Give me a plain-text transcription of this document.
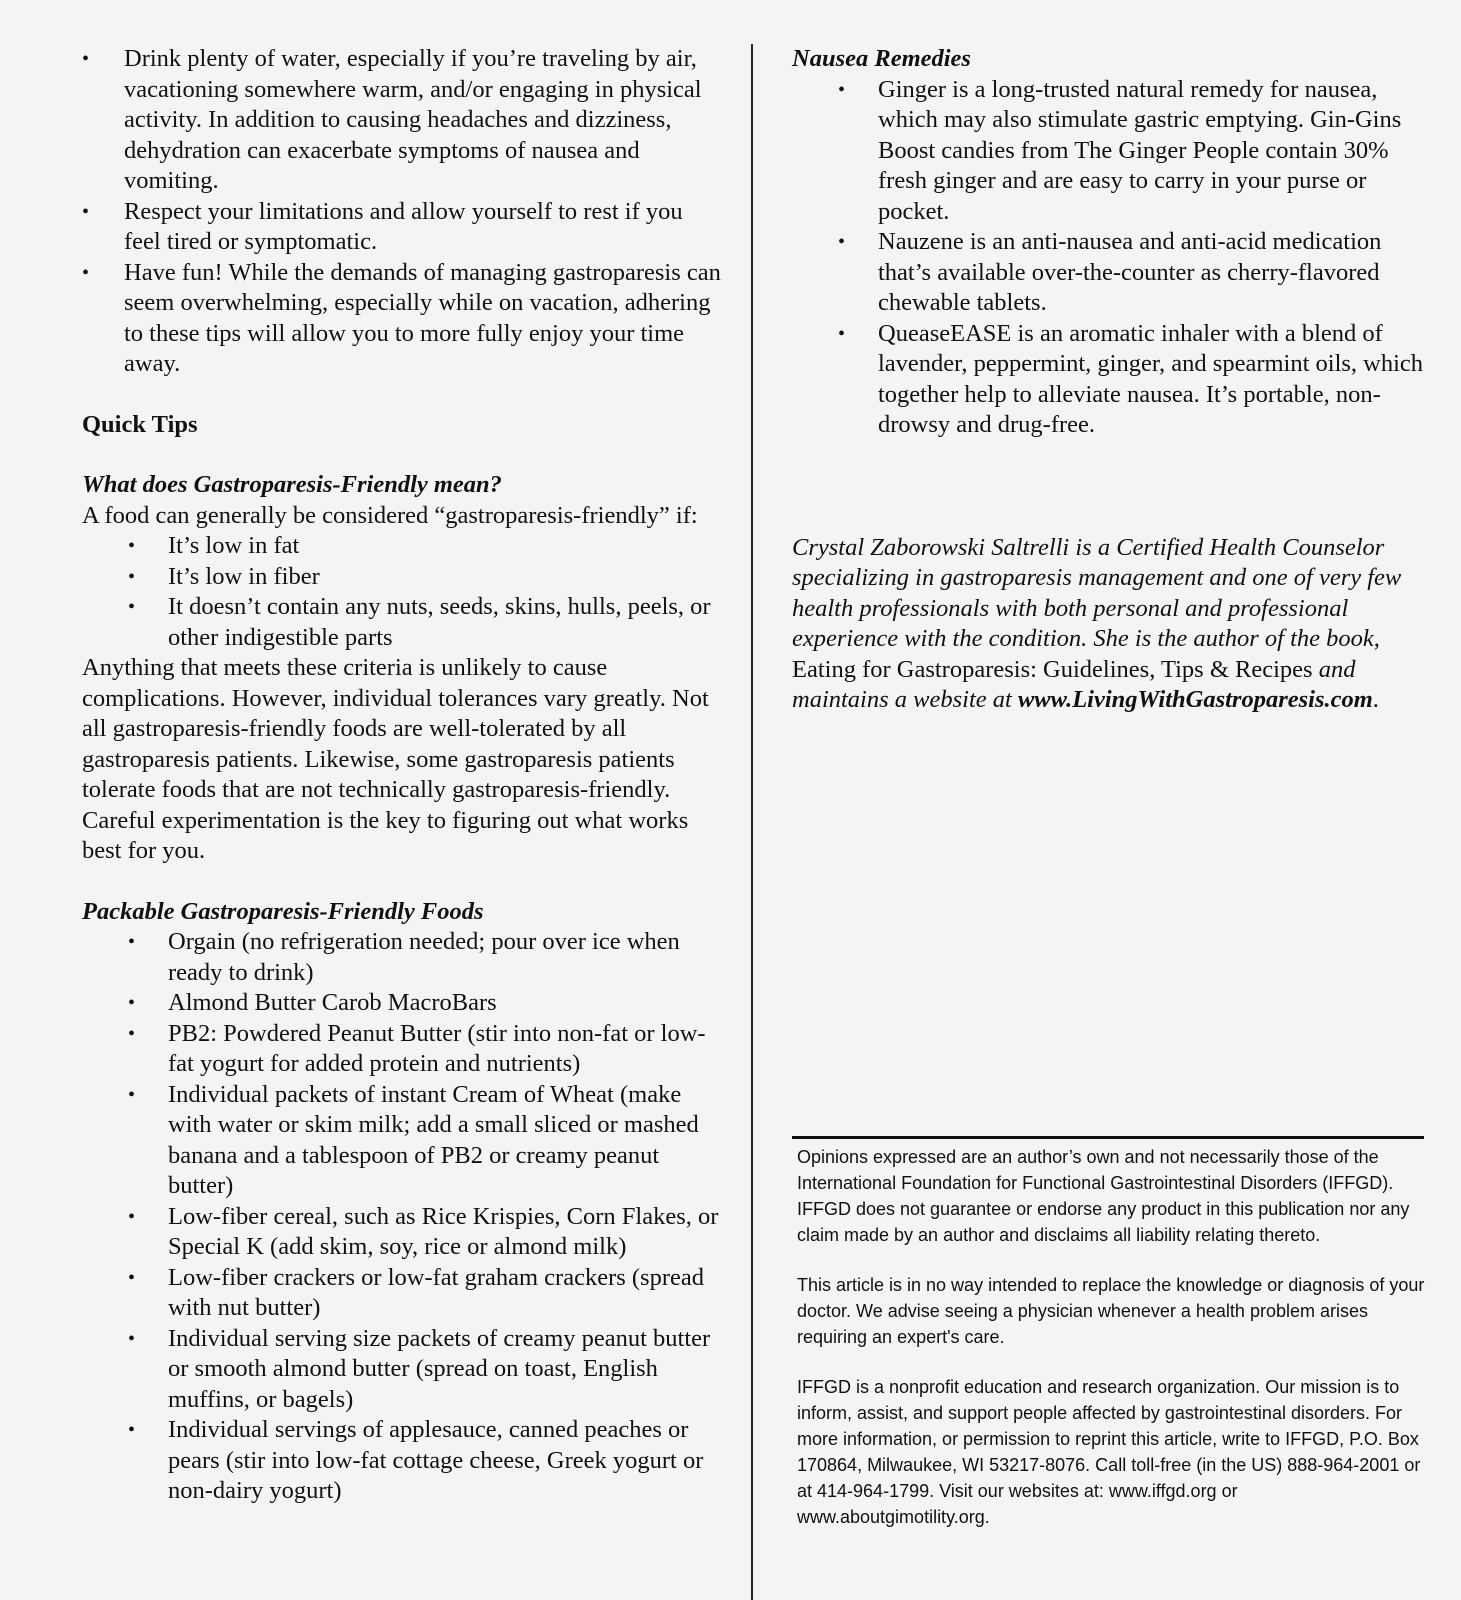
• Drink plenty of water, especially if you’re traveling by air, vacationing somewhere warm, and/or engaging in physical activity. In addition to causing headaches and dizziness, dehydration can exacerbate symptoms of nausea and vomiting.
• Respect your limitations and allow yourself to rest if you feel tired or symptomatic.
• Have fun! While the demands of managing gastroparesis can seem overwhelming, especially while on vacation, adhering to these tips will allow you to more fully enjoy your time away.

Quick Tips

What does Gastroparesis-Friendly mean?

A food can generally be considered “gastroparesis-friendly” if:

• It’s low in fat
• It’s low in fiber
• It doesn’t contain any nuts, seeds, skins, hulls, peels, or other indigestible parts

Anything that meets these criteria is unlikely to cause complications. However, individual tolerances vary greatly. Not all gastroparesis-friendly foods are well-tolerated by all gastroparesis patients. Likewise, some gastroparesis patients tolerate foods that are not technically gastroparesis-friendly. Careful experimentation is the key to figuring out what works best for you.

Packable Gastroparesis-Friendly Foods

• Orgain (no refrigeration needed; pour over ice when ready to drink)
• Almond Butter Carob MacroBars
• PB2: Powdered Peanut Butter (stir into non-fat or low-fat yogurt for added protein and nutrients)
• Individual packets of instant Cream of Wheat (make with water or skim milk; add a small sliced or mashed banana and a tablespoon of PB2 or creamy peanut butter)
• Low-fiber cereal, such as Rice Krispies, Corn Flakes, or Special K (add skim, soy, rice or almond milk)
• Low-fiber crackers or low-fat graham crackers (spread with nut butter)
• Individual serving size packets of creamy peanut butter or smooth almond butter (spread on toast, English muffins, or bagels)
• Individual servings of applesauce, canned peaches or pears (stir into low-fat cottage cheese, Greek yogurt or non-dairy yogurt)

Nausea Remedies

• Ginger is a long-trusted natural remedy for nausea, which may also stimulate gastric emptying. Gin-Gins Boost candies from The Ginger People contain 30% fresh ginger and are easy to carry in your purse or pocket.
• Nauzene is an anti-nausea and anti-acid medication that’s available over-the-counter as cherry-flavored chewable tablets.
• QueaseEASE is an aromatic inhaler with a blend of lavender, peppermint, ginger, and spearmint oils, which together help to alleviate nausea. It’s portable, non-drowsy and drug-free.

Crystal Zaborowski Saltrelli is a Certified Health Counselor specializing in gastroparesis management and one of very few health professionals with both personal and professional experience with the condition. She is the author of the book, Eating for Gastroparesis: Guidelines, Tips & Recipes and maintains a website at www.LivingWithGastroparesis.com.

Opinions expressed are an author’s own and not necessarily those of the International Foundation for Functional Gastrointestinal Disorders (IFFGD). IFFGD does not guarantee or endorse any product in this publication nor any claim made by an author and disclaims all liability relating thereto.

This article is in no way intended to replace the knowledge or diagnosis of your doctor. We advise seeing a physician whenever a health problem arises requiring an expert's care.

IFFGD is a nonprofit education and research organization. Our mission is to inform, assist, and support people affected by gastrointestinal disorders. For more information, or permission to reprint this article, write to IFFGD, P.O. Box 170864, Milwaukee, WI 53217-8076. Call toll-free (in the US) 888-964-2001 or at 414-964-1799. Visit our websites at: www.iffgd.org or www.aboutgimotility.org.
